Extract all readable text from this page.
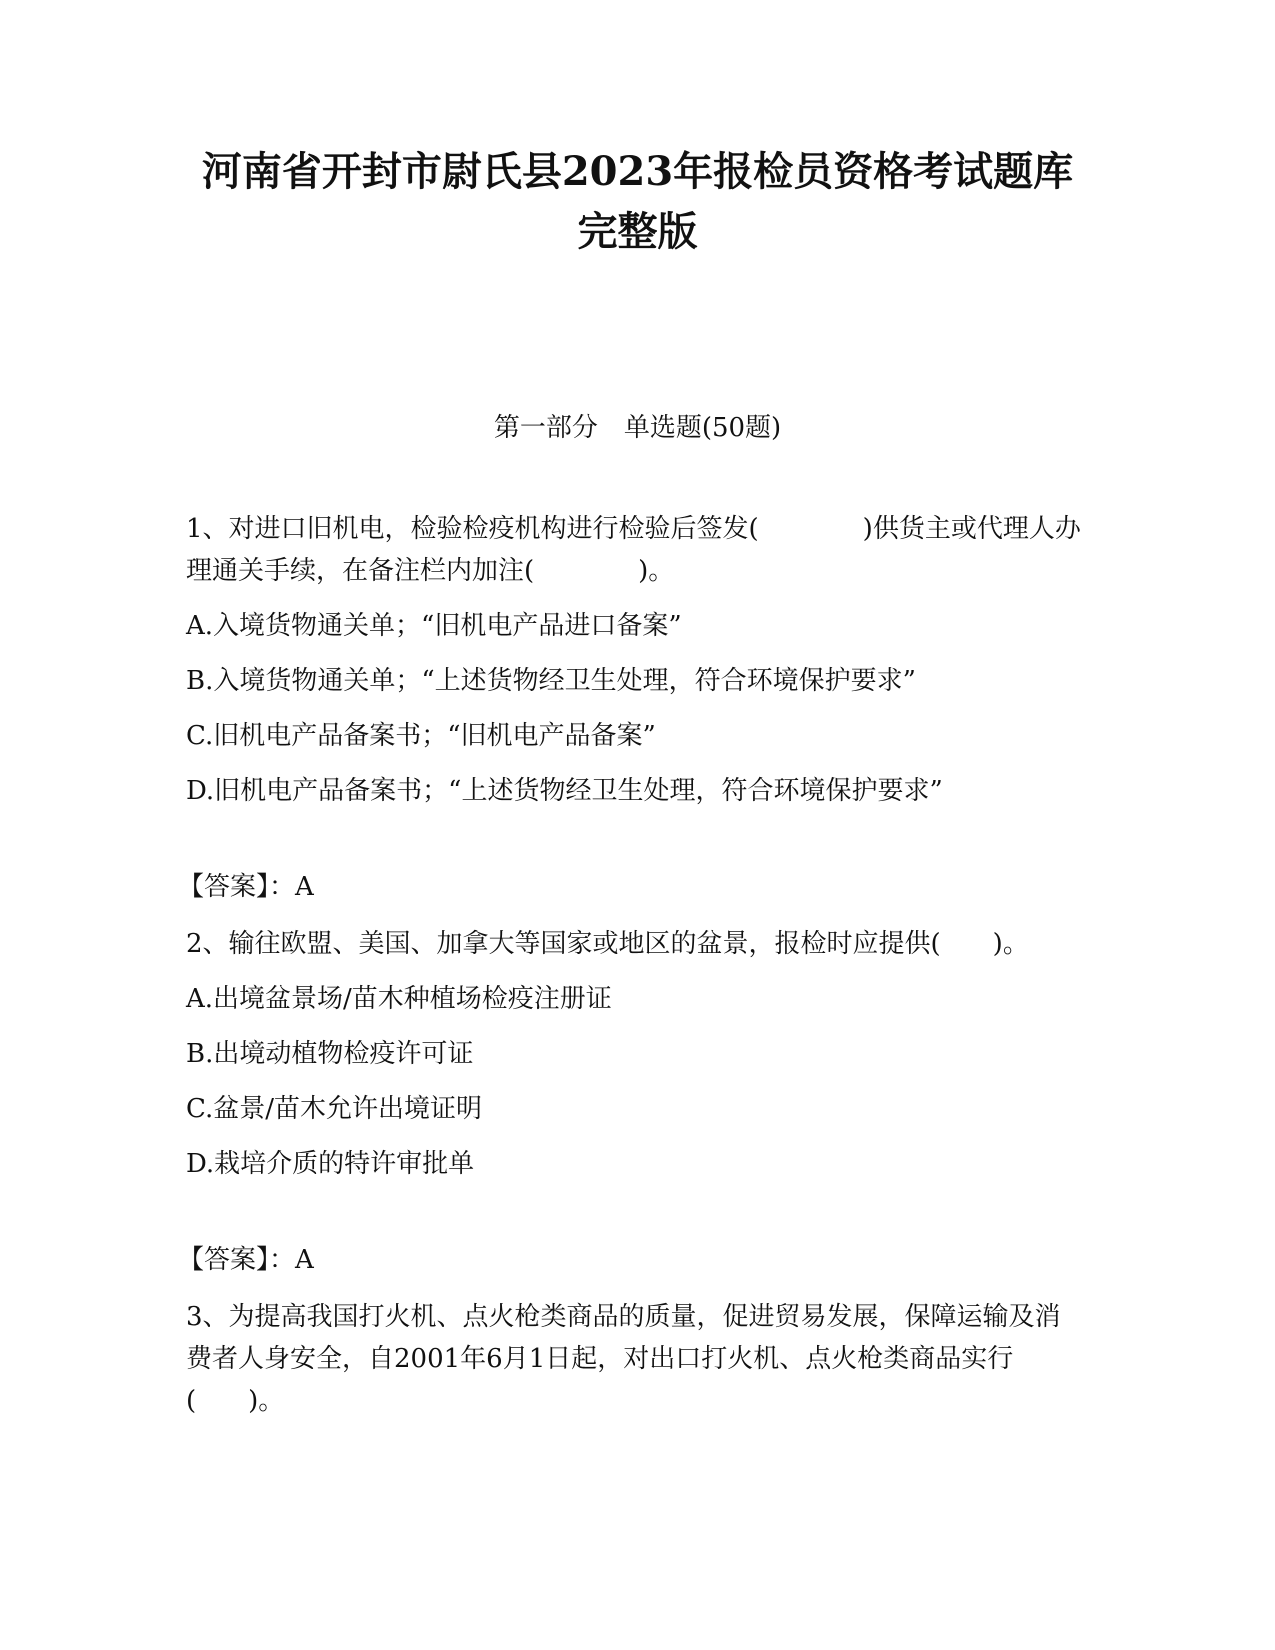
河南省开封市尉氏县2023年报检员资格考试题库
完整版
第一部分　单选题(50题)

1、对进口旧机电，检验检疫机构进行检验后签发(　　　　)供货主或代理人办理通关手续，在备注栏内加注(　　　　)。

A.入境货物通关单；“旧机电产品进口备案”
B.入境货物通关单；“上述货物经卫生处理，符合环境保护要求”
C.旧机电产品备案书；“旧机电产品备案”
D.旧机电产品备案书；“上述货物经卫生处理，符合环境保护要求”
【答案】：A

2、输往欧盟、美国、加拿大等国家或地区的盆景，报检时应提供(　　)。

A.出境盆景场/苗木种植场检疫注册证
B.出境动植物检疫许可证
C.盆景/苗木允许出境证明
D.栽培介质的特许审批单
【答案】：A

3、为提高我国打火机、点火枪类商品的质量，促进贸易发展，保障运输及消费者人身安全，自2001年6月1日起，对出口打火机、点火枪类商品实行(　　)。
